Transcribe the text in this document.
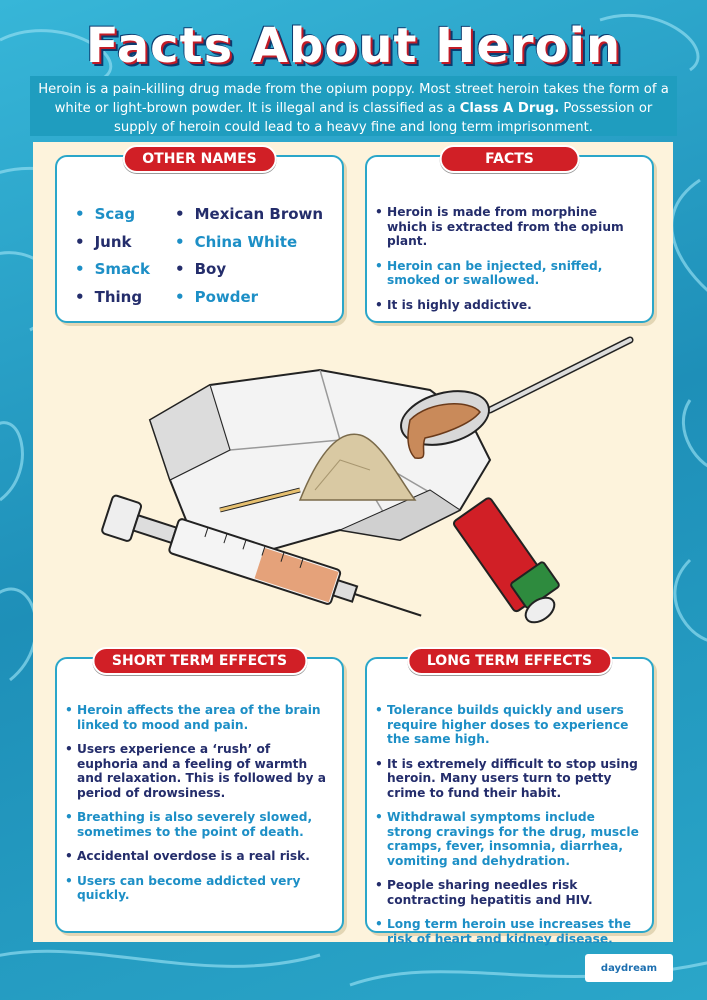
Facts About Heroin
Heroin is a pain-killing drug made from the opium poppy. Most street heroin takes the form of a white or light-brown powder. It is illegal and is classified as a Class A Drug. Possession or supply of heroin could lead to a heavy fine and long term imprisonment.
OTHER NAMES
• Scag
• Junk
• Smack
• Thing
• Mexican Brown
• China White
• Boy
• Powder
FACTS
• Heroin is made from morphine which is extracted from the opium plant.
• Heroin can be injected, sniffed, smoked or swallowed.
• It is highly addictive.
SHORT TERM EFFECTS
• Heroin affects the area of the brain linked to mood and pain.
• Users experience a ‘rush’ of euphoria and a feeling of warmth and relaxation. This is followed by a period of drowsiness.
• Breathing is also severely slowed, sometimes to the point of death.
• Accidental overdose is a real risk.
• Users can become addicted very quickly.
LONG TERM EFFECTS
• Tolerance builds quickly and users require higher doses to experience the same high.
• It is extremely difficult to stop using heroin. Many users turn to petty crime to fund their habit.
• Withdrawal symptoms include strong cravings for the drug, muscle cramps, fever, insomnia, diarrhea, vomiting and dehydration.
• People sharing needles risk contracting hepatitis and HIV.
• Long term heroin use increases the risk of heart and kidney disease.
daydream
